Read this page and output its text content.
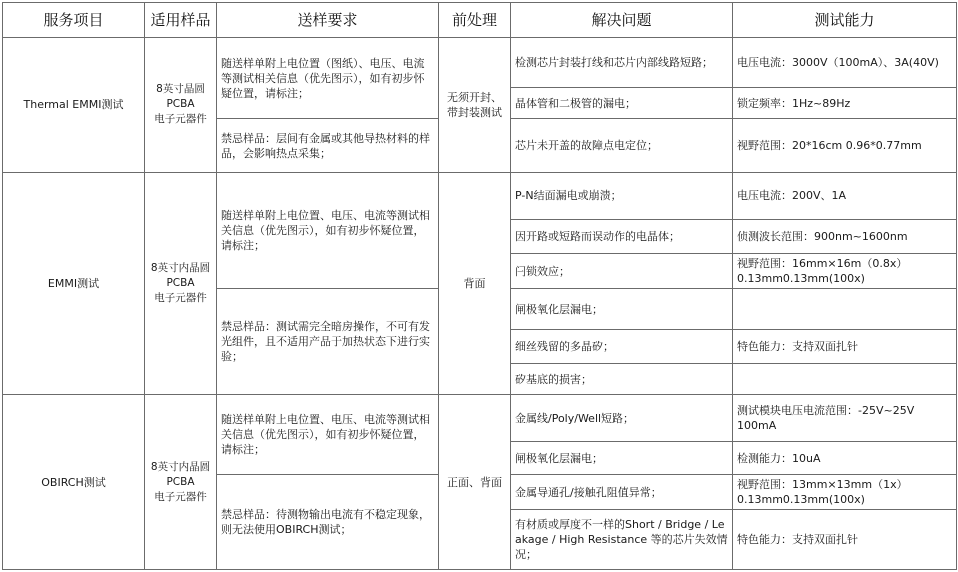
服务项目	适用样品	送样要求	前处理	解决问题	测试能力
Thermal EMMI测试	8英寸晶圆
PCBA
电子元器件	随送样单附上电位置（图纸）、电压、电流等测试相关信息（优先图示），如有初步怀疑位置，请标注；	无须开封、带封装测试	检测芯片封装打线和芯片内部线路短路；	电压电流：3000V（100mA）、3A(40V)
				晶体管和二极管的漏电；	锁定频率：1Hz~89Hz
		禁忌样品：层间有金属或其他导热材料的样品，会影响热点采集；		芯片未开盖的故障点电定位；	视野范围：20*16cm 0.96*0.77mm
EMMI测试	8英寸内晶圆
PCBA
电子元器件	随送样单附上电位置、电压、电流等测试相关信息（优先图示），如有初步怀疑位置，请标注；	背面	P-N结面漏电或崩溃；	电压电流：200V、1A
				因开路或短路而误动作的电晶体；	侦测波长范围：900nm~1600nm
				闩锁效应；	视野范围：16mm×16m（0.8x）
0.13mm0.13mm(100x)
		禁忌样品：测试需完全暗房操作，不可有发光组件，且不适用产品于加热状态下进行实验；		闸极氧化层漏电；	
				细丝残留的多晶矽；	特色能力：支持双面扎针
				矽基底的损害；	
OBIRCH测试	8英寸内晶圆
PCBA
电子元器件	随送样单附上电位置、电压、电流等测试相关信息（优先图示），如有初步怀疑位置，请标注；	正面、背面	金属线/Poly/Well短路；	测试模块电压电流范围：-25V~25V
100mA
				闸极氧化层漏电；	检测能力：10uA
		禁忌样品：待测物输出电流有不稳定现象，则无法使用OBIRCH测试；		金属导通孔/接触孔阻值异常；	视野范围：13mm×13mm（1x）
0.13mm0.13mm(100x)
				有材质或厚度不一样的Short / Bridge / Leakage / High Resistance 等的芯片失效情况；	特色能力：支持双面扎针
